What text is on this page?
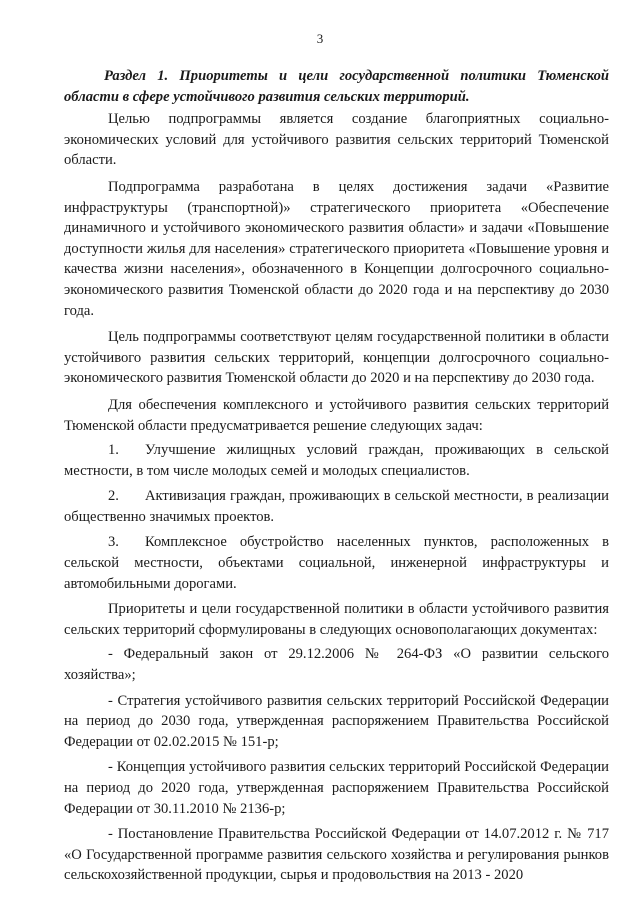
3

Раздел 1. Приоритеты и цели государственной политики Тюменской области в сфере устойчивого развития сельских территорий.

Целью подпрограммы является создание благоприятных социально-экономических условий для устойчивого развития сельских территорий Тюменской области.

Подпрограмма разработана в целях достижения задачи «Развитие инфраструктуры (транспортной)» стратегического приоритета «Обеспечение динамичного и устойчивого экономического развития области» и задачи «Повышение доступности жилья для населения» стратегического приоритета «Повышение уровня и качества жизни населения», обозначенного в Концепции долгосрочного социально-экономического развития Тюменской области до 2020 года и на перспективу до 2030 года.

Цель подпрограммы соответствуют целям государственной политики в области устойчивого развития сельских территорий, концепции долгосрочного социально-экономического развития Тюменской области до 2020 и на перспективу до 2030 года.

Для обеспечения комплексного и устойчивого развития сельских территорий Тюменской области предусматривается решение следующих задач:

1. Улучшение жилищных условий граждан, проживающих в сельской местности, в том числе молодых семей и молодых специалистов.

2. Активизация граждан, проживающих в сельской местности, в реализации общественно значимых проектов.

3. Комплексное обустройство населенных пунктов, расположенных в сельской местности, объектами социальной, инженерной инфраструктуры и автомобильными дорогами.

Приоритеты и цели государственной политики в области устойчивого развития сельских территорий сформулированы в следующих основополагающих документах:

- Федеральный закон от 29.12.2006 № 264-ФЗ «О развитии сельского хозяйства»;

- Стратегия устойчивого развития сельских территорий Российской Федерации на период до 2030 года, утвержденная распоряжением Правительства Российской Федерации от 02.02.2015 № 151-р;

- Концепция устойчивого развития сельских территорий Российской Федерации на период до 2020 года, утвержденная распоряжением Правительства Российской Федерации от 30.11.2010 № 2136-р;

- Постановление Правительства Российской Федерации от 14.07.2012 г. № 717 «О Государственной программе развития сельского хозяйства и регулирования рынков сельскохозяйственной продукции, сырья и продовольствия на 2013 - 2020
